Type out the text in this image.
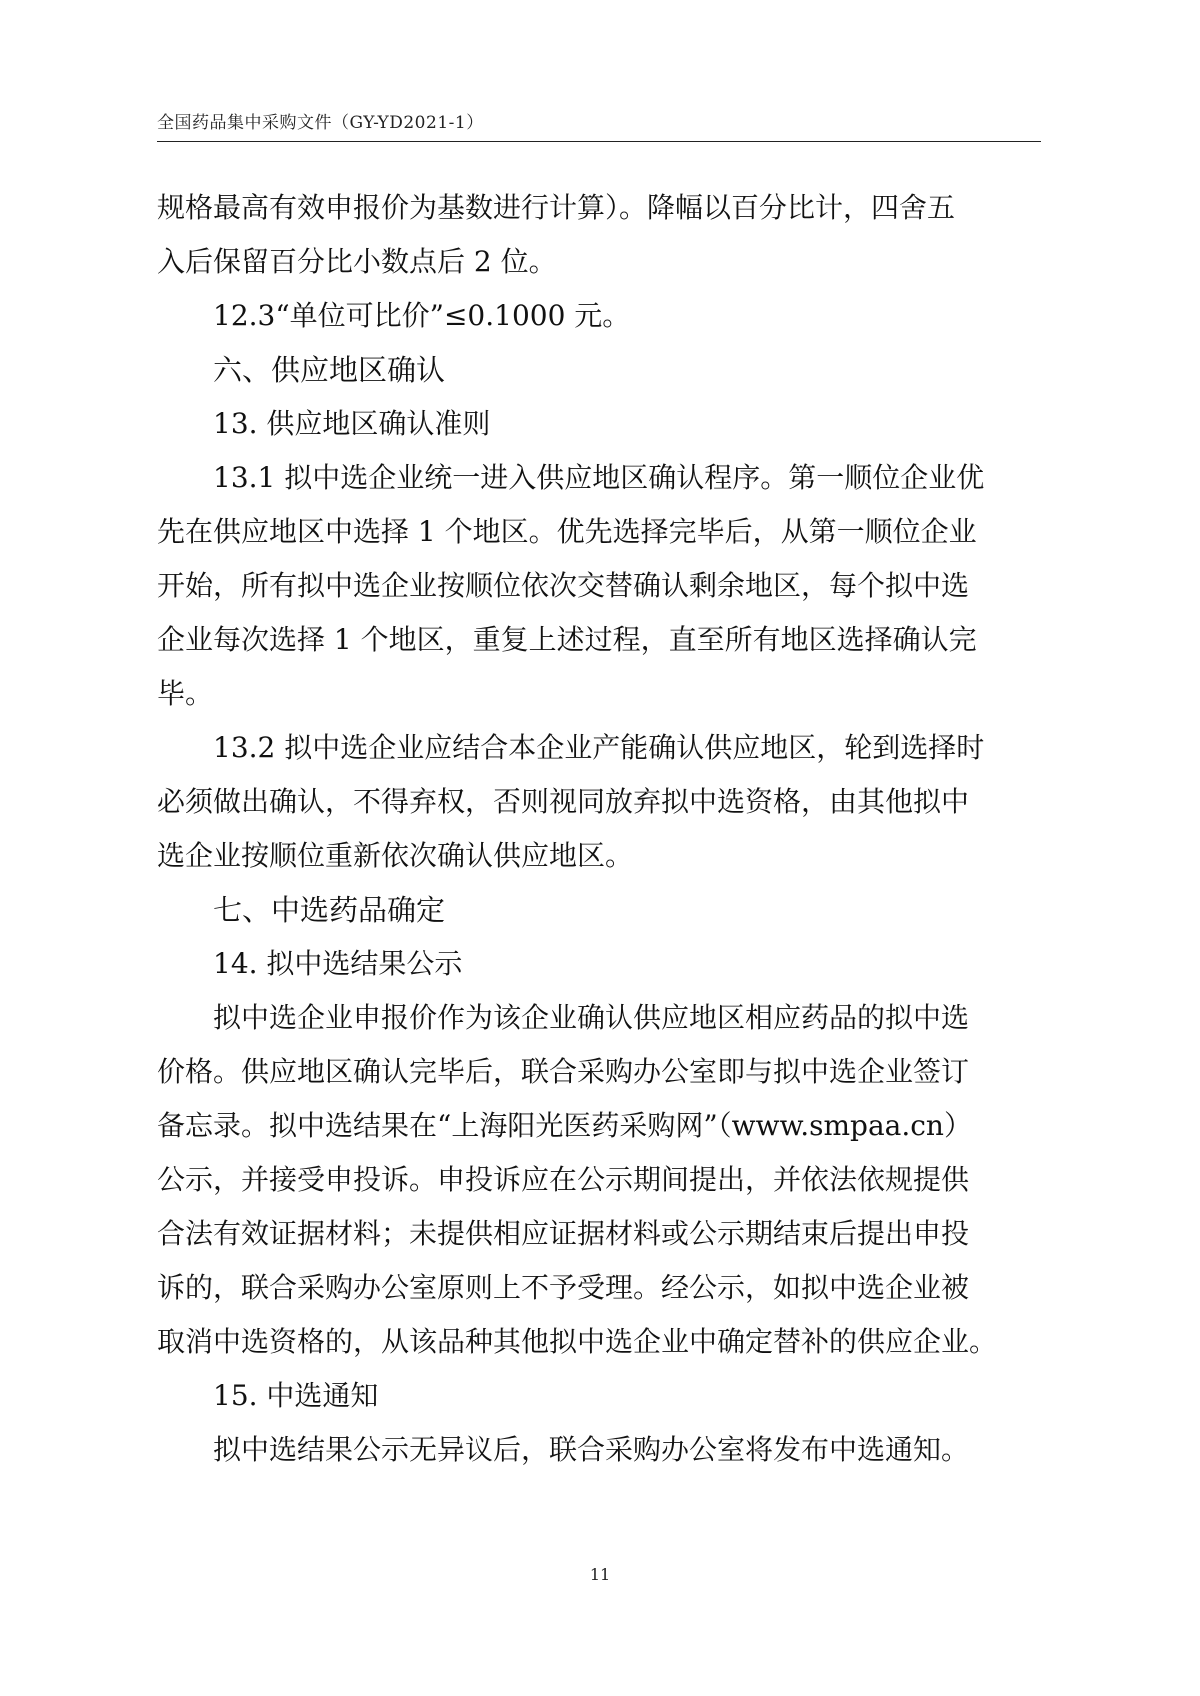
全国药品集中采购文件（GY-YD2021-1）

规格最高有效申报价为基数进行计算）。降幅以百分比计，四舍五
入后保留百分比小数点后 2 位。

12.3“单位可比价”≤0.1000 元。

六、供应地区确认

13. 供应地区确认准则

13.1 拟中选企业统一进入供应地区确认程序。第一顺位企业优
先在供应地区中选择 1 个地区。优先选择完毕后，从第一顺位企业
开始，所有拟中选企业按顺位依次交替确认剩余地区，每个拟中选
企业每次选择 1 个地区，重复上述过程，直至所有地区选择确认完
毕。

13.2 拟中选企业应结合本企业产能确认供应地区，轮到选择时
必须做出确认，不得弃权，否则视同放弃拟中选资格，由其他拟中
选企业按顺位重新依次确认供应地区。

七、中选药品确定

14. 拟中选结果公示

拟中选企业申报价作为该企业确认供应地区相应药品的拟中选
价格。供应地区确认完毕后，联合采购办公室即与拟中选企业签订
备忘录。拟中选结果在“上海阳光医药采购网”（www.smpaa.cn）
公示，并接受申投诉。申投诉应在公示期间提出，并依法依规提供
合法有效证据材料；未提供相应证据材料或公示期结束后提出申投
诉的，联合采购办公室原则上不予受理。经公示，如拟中选企业被
取消中选资格的，从该品种其他拟中选企业中确定替补的供应企业。

15. 中选通知

拟中选结果公示无异议后，联合采购办公室将发布中选通知。

11
